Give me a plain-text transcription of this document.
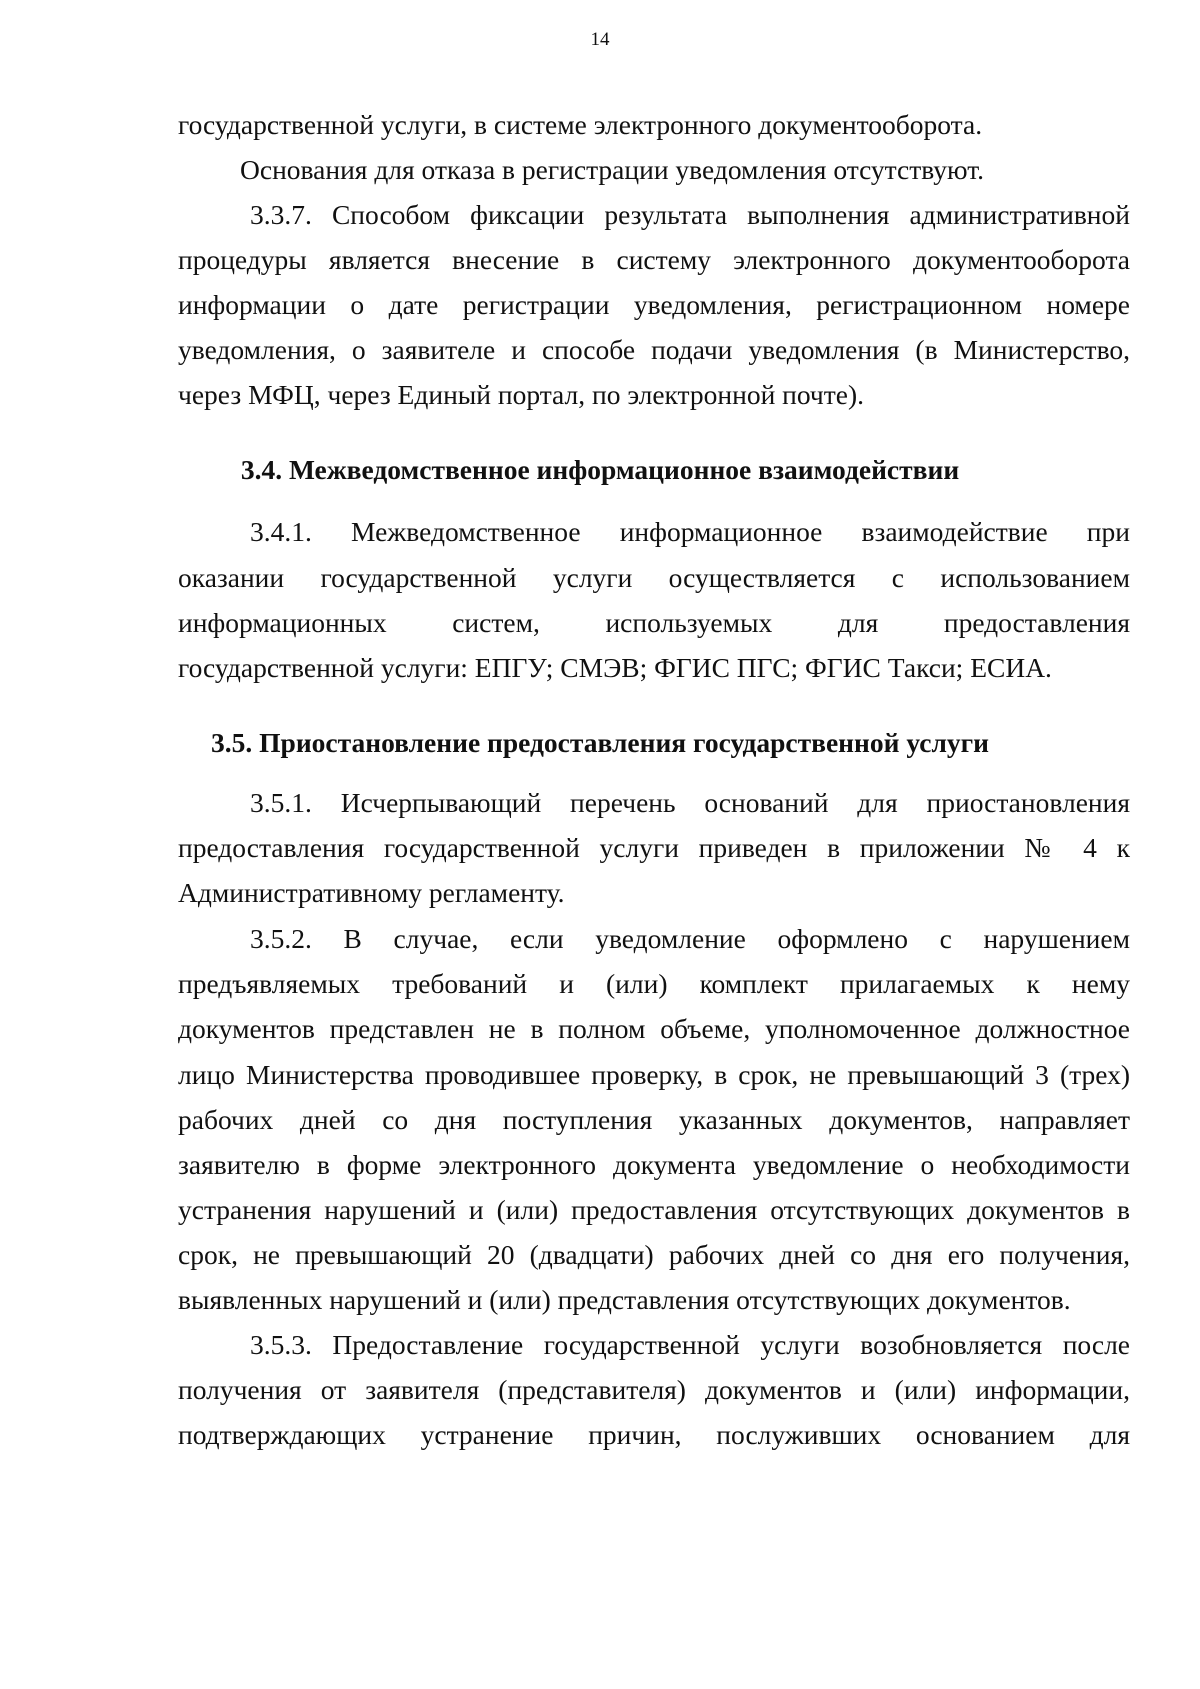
14
государственной услуги, в системе электронного документооборота.
Основания для отказа в регистрации уведомления отсутствуют.
3.3.7. Способом фиксации результата выполнения административной
процедуры является внесение в систему электронного документооборота
информации о дате регистрации уведомления, регистрационном номере
уведомления, о заявителе и способе подачи уведомления (в Министерство,
через МФЦ, через Единый портал, по электронной почте).
3.4. Межведомственное информационное взаимодействии
3.4.1. Межведомственное информационное взаимодействие при
оказании государственной услуги осуществляется с использованием
информационных систем, используемых для предоставления
государственной услуги: ЕПГУ; СМЭВ; ФГИС ПГС; ФГИС Такси; ЕСИА.
3.5. Приостановление предоставления государственной услуги
3.5.1. Исчерпывающий перечень оснований для приостановления
предоставления государственной услуги приведен в приложении № 4 к
Административному регламенту.
3.5.2. В случае, если уведомление оформлено с нарушением
предъявляемых требований и (или) комплект прилагаемых к нему
документов представлен не в полном объеме, уполномоченное должностное
лицо Министерства проводившее проверку, в срок, не превышающий 3 (трех)
рабочих дней со дня поступления указанных документов, направляет
заявителю в форме электронного документа уведомление о необходимости
устранения нарушений и (или) предоставления отсутствующих документов в
срок, не превышающий 20 (двадцати) рабочих дней со дня его получения,
выявленных нарушений и (или) представления отсутствующих документов.
3.5.3. Предоставление государственной услуги возобновляется после
получения от заявителя (представителя) документов и (или) информации,
подтверждающих устранение причин, послуживших основанием для
